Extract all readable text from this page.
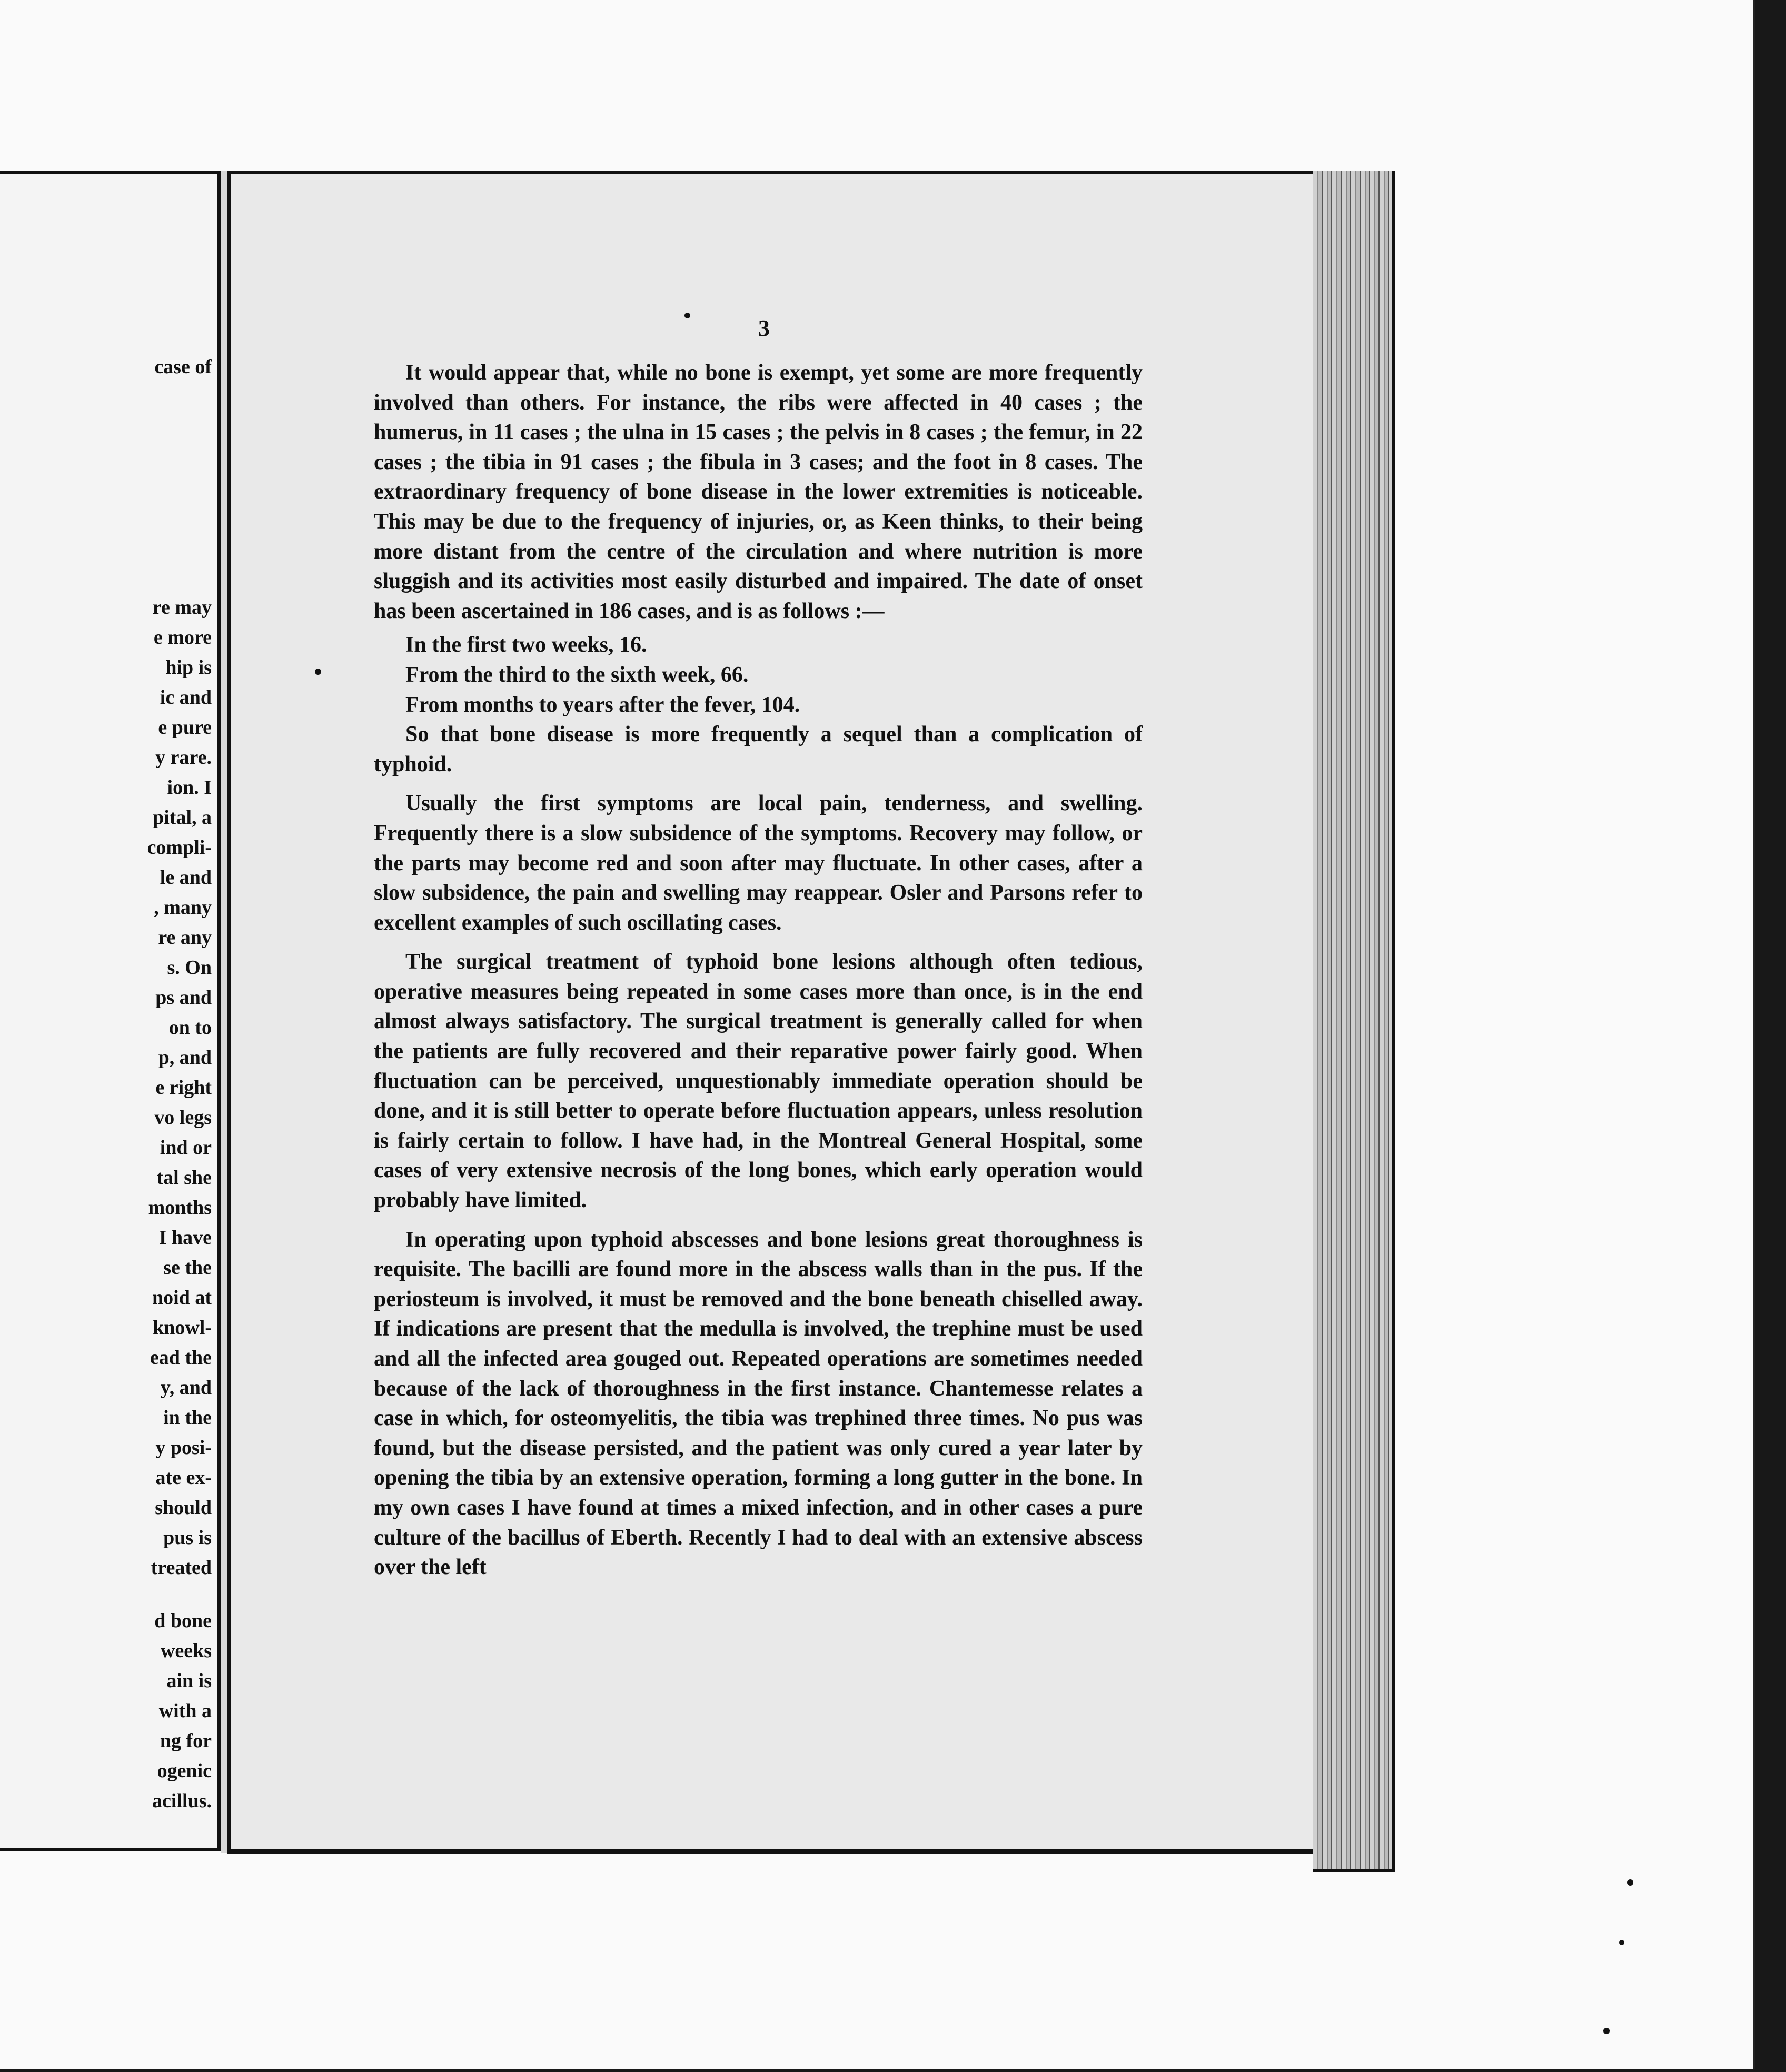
case of
re may
e more
hip is
ic and
e pure
y rare.
ion. I
pital, a
compli-
le and
, many
re any
s. On
ps and
on to
p, and
e right
vo legs
ind or
tal she
months
I have
se the
noid at
knowl-
ead the
y, and
in the
y posi-
ate ex-
should
pus is
treated
d bone
weeks
ain is
with a
ng for
ogenic
acillus.
3

It would appear that, while no bone is exempt, yet some are more frequently involved than others. For instance, the ribs were affected in 40 cases ; the humerus, in 11 cases ; the ulna in 15 cases ; the pelvis in 8 cases ; the femur, in 22 cases ; the tibia in 91 cases ; the fibula in 3 cases; and the foot in 8 cases. The extraordinary frequency of bone disease in the lower extremities is noticeable. This may be due to the frequency of injuries, or, as Keen thinks, to their being more distant from the centre of the circulation and where nutrition is more sluggish and its activities most easily disturbed and impaired. The date of onset has been ascertained in 186 cases, and is as follows :—

In the first two weeks, 16.
From the third to the sixth week, 66.
From months to years after the fever, 104.

So that bone disease is more frequently a sequel than a complication of typhoid.

Usually the first symptoms are local pain, tenderness, and swelling. Frequently there is a slow subsidence of the symptoms. Recovery may follow, or the parts may become red and soon after may fluctuate. In other cases, after a slow subsidence, the pain and swelling may reappear. Osler and Parsons refer to excellent examples of such oscillating cases.

The surgical treatment of typhoid bone lesions although often tedious, operative measures being repeated in some cases more than once, is in the end almost always satisfactory. The surgical treatment is generally called for when the patients are fully recovered and their reparative power fairly good. When fluctuation can be perceived, unquestionably immediate operation should be done, and it is still better to operate before fluctuation appears, unless resolution is fairly certain to follow. I have had, in the Montreal General Hospital, some cases of very extensive necrosis of the long bones, which early operation would probably have limited.

In operating upon typhoid abscesses and bone lesions great thoroughness is requisite. The bacilli are found more in the abscess walls than in the pus. If the periosteum is involved, it must be removed and the bone beneath chiselled away. If indications are present that the medulla is involved, the trephine must be used and all the infected area gouged out. Repeated operations are sometimes needed because of the lack of thoroughness in the first instance. Chantemesse relates a case in which, for osteomyelitis, the tibia was trephined three times. No pus was found, but the disease persisted, and the patient was only cured a year later by opening the tibia by an extensive operation, forming a long gutter in the bone. In my own cases I have found at times a mixed infection, and in other cases a pure culture of the bacillus of Eberth. Recently I had to deal with an extensive abscess over the left
